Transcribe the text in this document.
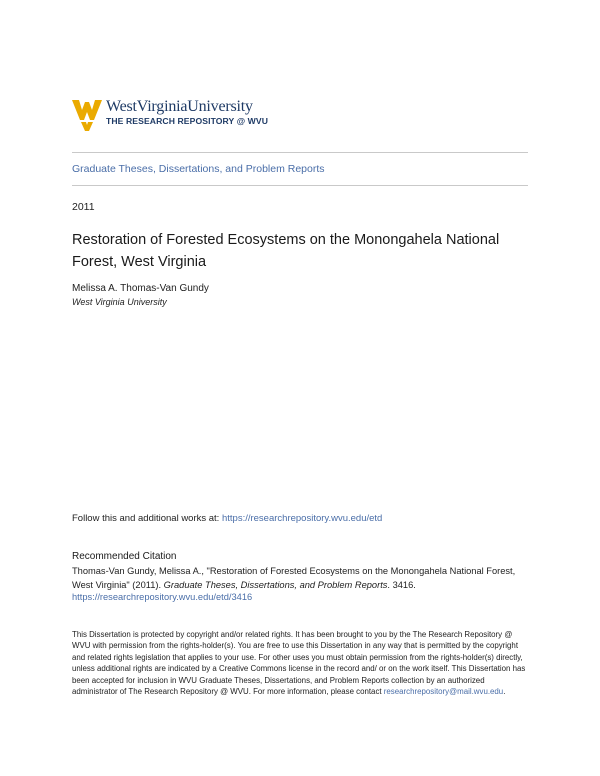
WestVirginiaUniversity
THE RESEARCH REPOSITORY @ WVU
Graduate Theses, Dissertations, and Problem Reports
2011
Restoration of Forested Ecosystems on the Monongahela National Forest, West Virginia
Melissa A. Thomas-Van Gundy
West Virginia University
Follow this and additional works at: https://researchrepository.wvu.edu/etd
Recommended Citation
Thomas-Van Gundy, Melissa A., "Restoration of Forested Ecosystems on the Monongahela National Forest, West Virginia" (2011). Graduate Theses, Dissertations, and Problem Reports. 3416.
https://researchrepository.wvu.edu/etd/3416
This Dissertation is protected by copyright and/or related rights. It has been brought to you by the The Research Repository @ WVU with permission from the rights-holder(s). You are free to use this Dissertation in any way that is permitted by the copyright and related rights legislation that applies to your use. For other uses you must obtain permission from the rights-holder(s) directly, unless additional rights are indicated by a Creative Commons license in the record and/ or on the work itself. This Dissertation has been accepted for inclusion in WVU Graduate Theses, Dissertations, and Problem Reports collection by an authorized administrator of The Research Repository @ WVU. For more information, please contact researchrepository@mail.wvu.edu.
